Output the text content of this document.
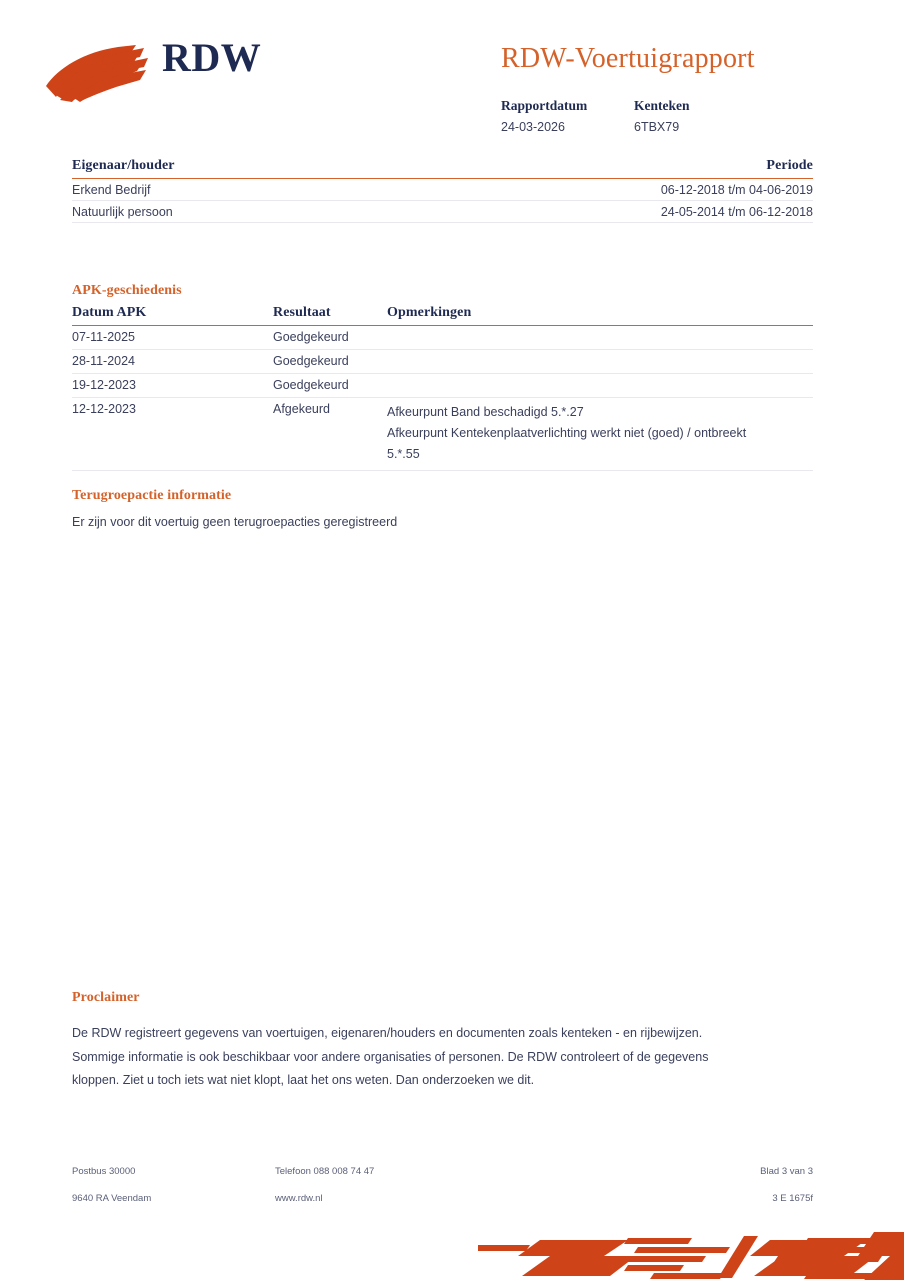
RDW	RDW-Voertuigrapport
Rapportdatum
24-03-2026
Kenteken
6TBX79
Eigenaar/houder	Periode
Erkend Bedrijf	06-12-2018 t/m 04-06-2019
Natuurlijk persoon	24-05-2014 t/m 06-12-2018
APK-geschiedenis
Datum APK	Resultaat	Opmerkingen
07-11-2025	Goedgekeurd
28-11-2024	Goedgekeurd
19-12-2023	Goedgekeurd
12-12-2023	Afgekeurd	Afkeurpunt Band beschadigd 5.*.27
Afkeurpunt Kentekenplaatverlichting werkt niet (goed) / ontbreekt
5.*.55
Terugroepactie informatie
Er zijn voor dit voertuig geen terugroepacties geregistreerd
Proclaimer
De RDW registreert gegevens van voertuigen, eigenaren/houders en documenten zoals kenteken - en rijbewijzen.
Sommige informatie is ook beschikbaar voor andere organisaties of personen. De RDW controleert of de gegevens
kloppen. Ziet u toch iets wat niet klopt, laat het ons weten. Dan onderzoeken we dit.
Postbus 30000	Telefoon 088 008 74 47	Blad 3 van 3
9640 RA Veendam	www.rdw.nl	3 E 1675f
